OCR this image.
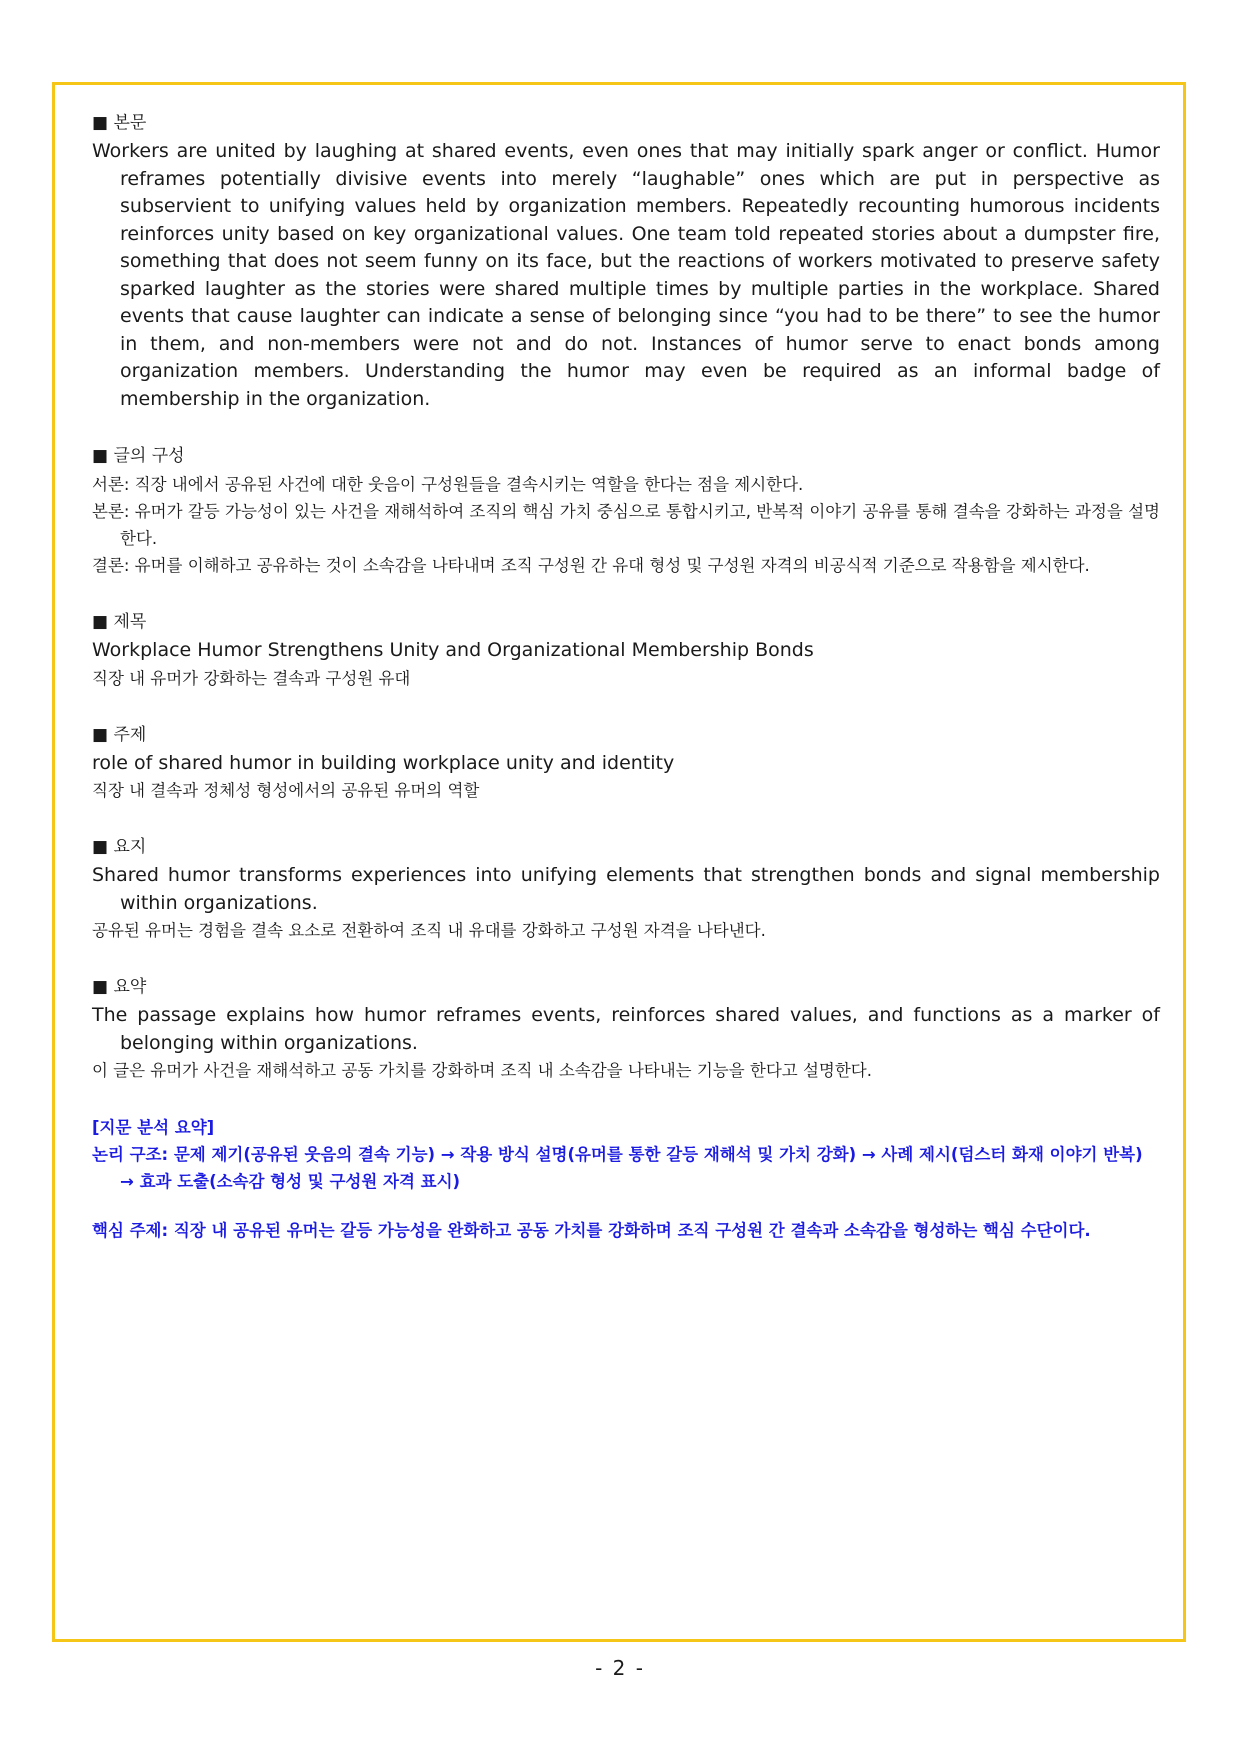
■ 본문
Workers are united by laughing at shared events, even ones that may initially spark anger or conflict. Humor reframes potentially divisive events into merely “laughable” ones which are put in perspective as subservient to unifying values held by organization members. Repeatedly recounting humorous incidents reinforces unity based on key organizational values. One team told repeated stories about a dumpster fire, something that does not seem funny on its face, but the reactions of workers motivated to preserve safety sparked laughter as the stories were shared multiple times by multiple parties in the workplace. Shared events that cause laughter can indicate a sense of belonging since “you had to be there” to see the humor in them, and non-members were not and do not. Instances of humor serve to enact bonds among organization members. Understanding the humor may even be required as an informal badge of membership in the organization.
■ 글의 구성
서론: 직장 내에서 공유된 사건에 대한 웃음이 구성원들을 결속시키는 역할을 한다는 점을 제시한다.
본론: 유머가 갈등 가능성이 있는 사건을 재해석하여 조직의 핵심 가치 중심으로 통합시키고, 반복적 이야기 공유를 통해 결속을 강화하는 과정을 설명한다.
결론: 유머를 이해하고 공유하는 것이 소속감을 나타내며 조직 구성원 간 유대 형성 및 구성원 자격의 비공식적 기준으로 작용함을 제시한다.
■ 제목
Workplace Humor Strengthens Unity and Organizational Membership Bonds
직장 내 유머가 강화하는 결속과 구성원 유대
■ 주제
role of shared humor in building workplace unity and identity
직장 내 결속과 정체성 형성에서의 공유된 유머의 역할
■ 요지
Shared humor transforms experiences into unifying elements that strengthen bonds and signal membership within organizations.
공유된 유머는 경험을 결속 요소로 전환하여 조직 내 유대를 강화하고 구성원 자격을 나타낸다.
■ 요약
The passage explains how humor reframes events, reinforces shared values, and functions as a marker of belonging within organizations.
이 글은 유머가 사건을 재해석하고 공동 가치를 강화하며 조직 내 소속감을 나타내는 기능을 한다고 설명한다.
[지문 분석 요약]
논리 구조: 문제 제기(공유된 웃음의 결속 기능) → 작용 방식 설명(유머를 통한 갈등 재해석 및 가치 강화) → 사례 제시(덤스터 화재 이야기 반복) → 효과 도출(소속감 형성 및 구성원 자격 표시)
핵심 주제: 직장 내 공유된 유머는 갈등 가능성을 완화하고 공동 가치를 강화하며 조직 구성원 간 결속과 소속감을 형성하는 핵심 수단이다.
- 2 -
